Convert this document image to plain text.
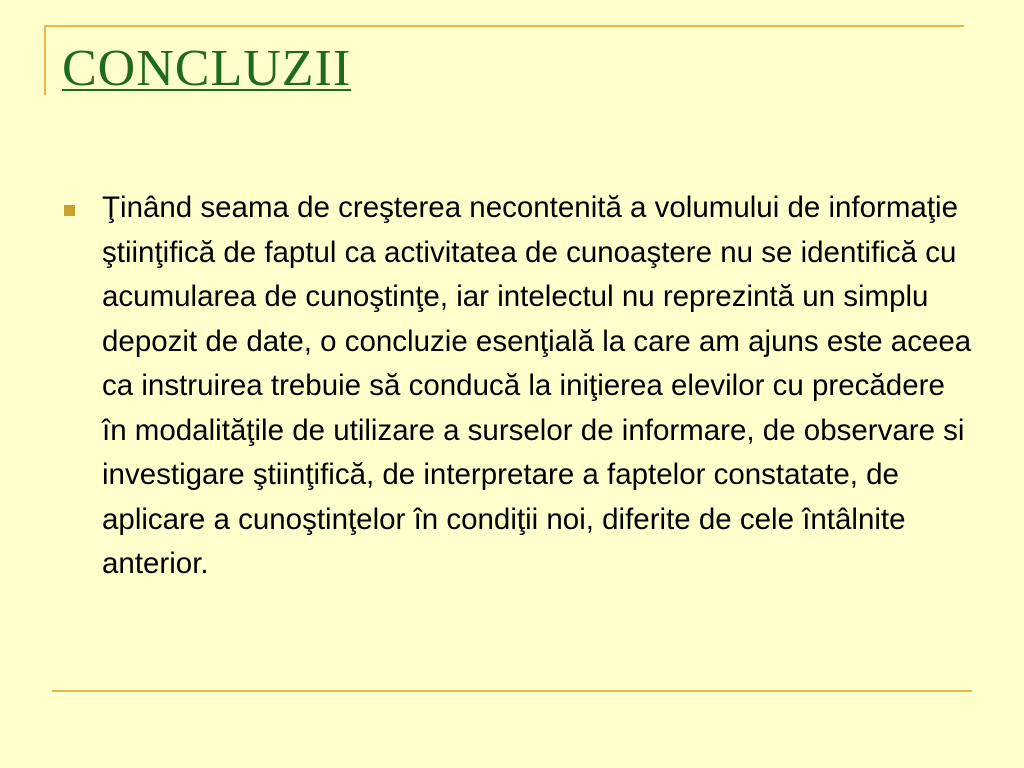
CONCLUZII
Ţinând seama de creşterea necontenită a volumului de informaţie ştiinţifică de faptul ca activitatea de cunoaştere nu se identifică cu acumularea de cunoştinţe, iar intelectul nu reprezintă un simplu depozit de date, o concluzie esenţială la care am ajuns este aceea ca instruirea trebuie să conducă la iniţierea elevilor cu precădere în modalităţile de utilizare a surselor de informare, de observare si investigare ştiinţifică, de interpretare a faptelor constatate, de aplicare a cunoştinţelor în condiţii noi, diferite de cele întâlnite anterior.
